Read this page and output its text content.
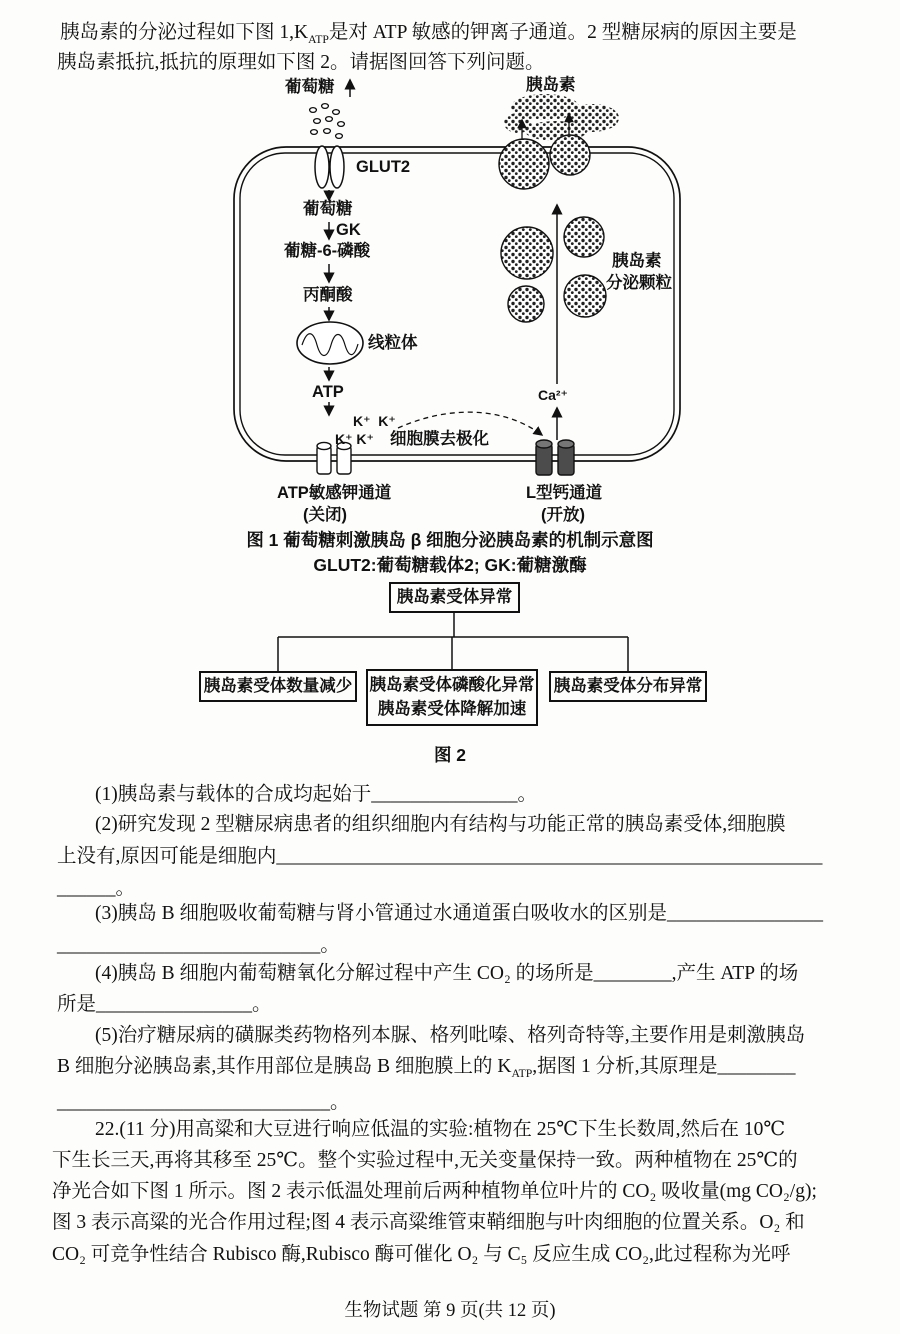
葡萄糖
GLUT2
葡萄糖
GK
葡糖-6-磷酸
丙酮酸
线粒体
ATP
K⁺  K⁺
K⁺ K⁺ 细胞膜去极化
ATP敏感钾通道
(关闭)
L型钙通道
(开放)
Ca²⁺
胰岛素
胰岛素
分泌颗粒
图 1 葡萄糖刺激胰岛 β 细胞分泌胰岛素的机制示意图
GLUT2:葡萄糖载体2; GK:葡糖激酶
胰岛素受体异常
胰岛素受体数量减少 胰岛素受体磷酸化异常
胰岛素受体降解加速
胰岛素受体分布异常
图 2
胰岛素的分泌过程如下图 $1,K_{ATP}$是对 ATP 敏感的钾离子通道。2 型糖尿病的原因主要是
胰岛素抵抗,抵抗的原理如下图 2。请据图回答下列问题。
(1)胰岛素与载体的合成均起始于_______________。
(2)研究发现 2 型糖尿病患者的组织细胞内有结构与功能正常的胰岛素受体,细胞膜
上没有,原因可能是细胞内________________________________________________________
______。
(3)胰岛 B 细胞吸收葡萄糖与肾小管通过水通道蛋白吸收水的区别是________________
___________________________。
(4)胰岛 B 细胞内葡萄糖氧化分解过程中产生 CO₂ 的场所是________,产生 ATP 的场
所是________________。
(5)治疗糖尿病的磺脲类药物格列本脲、格列吡嗪、格列奇特等,主要作用是刺激胰岛
B 细胞分泌胰岛素,其作用部位是胰岛 B 细胞膜上的 $K_{ATP}$,据图 1 分析,其原理是________
____________________________。
22.(11 分)用高粱和大豆进行响应低温的实验:植物在 25℃下生长数周,然后在 10℃
下生长三天,再将其移至 25℃。整个实验过程中,无关变量保持一致。两种植物在 25℃的
净光合如下图 1 所示。图 2 表示低温处理前后两种植物单位叶片的 CO₂ 吸收量(mg CO₂/g);
图 3 表示高粱的光合作用过程;图 4 表示高粱维管束鞘细胞与叶肉细胞的位置关系。O₂ 和
CO₂ 可竞争性结合 Rubisco 酶,Rubisco 酶可催化 O₂ 与 C₅ 反应生成 CO₂,此过程称为光呼
生物试题 第 9 页(共 12 页)
